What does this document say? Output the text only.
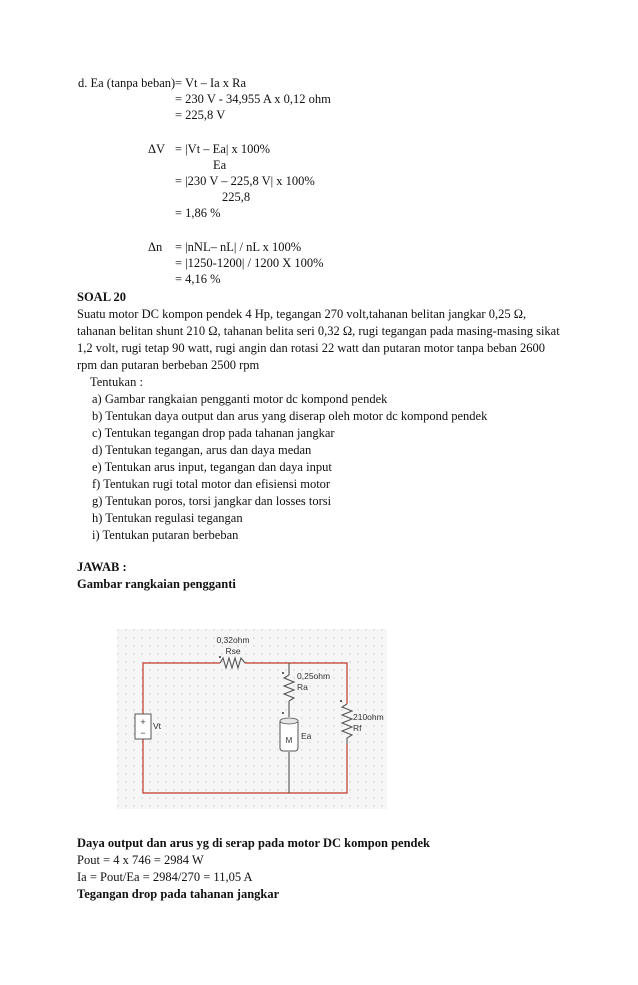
d. Ea (tanpa beban) = Vt – Ia x Ra
= 230 V - 34,955 A x 0,12 ohm
= 225,8 V
ΔV = |Vt – Ea| x 100%
Ea
= |230 V – 225,8 V| x 100%
225,8
= 1,86 %
Δn = |nNL– nL| / nL x 100%
= |1250-1200| / 1200 X 100%
= 4,16 %
SOAL 20
Suatu motor DC kompon pendek 4 Hp, tegangan 270 volt,tahanan belitan jangkar 0,25 Ω,
tahanan belitan shunt 210 Ω, tahanan belita seri 0,32 Ω, rugi tegangan pada masing-masing sikat
1,2 volt, rugi tetap 90 watt, rugi angin dan rotasi 22 watt dan putaran motor tanpa beban 2600
rpm dan putaran berbeban 2500 rpm
Tentukan :
a) Gambar rangkaian pengganti motor dc kompond pendek
b) Tentukan daya output dan arus yang diserap oleh motor dc kompond pendek
c) Tentukan tegangan drop pada tahanan jangkar
d) Tentukan tegangan, arus dan daya medan
e) Tentukan arus input, tegangan dan daya input
f) Tentukan rugi total motor dan efisiensi motor
g) Tentukan poros, torsi jangkar dan losses torsi
h) Tentukan regulasi tegangan
i) Tentukan putaran berbeban
JAWAB :
Gambar rangkaian pengganti
+
−
M
0,32ohm
Rse
0,25ohm
Ra
210ohm
Rf
Vt
Ea
Daya output dan arus yg di serap pada motor DC kompon pendek
Pout = 4 x 746 = 2984 W
Ia = Pout/Ea = 2984/270 = 11,05 A
Tegangan drop pada tahanan jangkar
